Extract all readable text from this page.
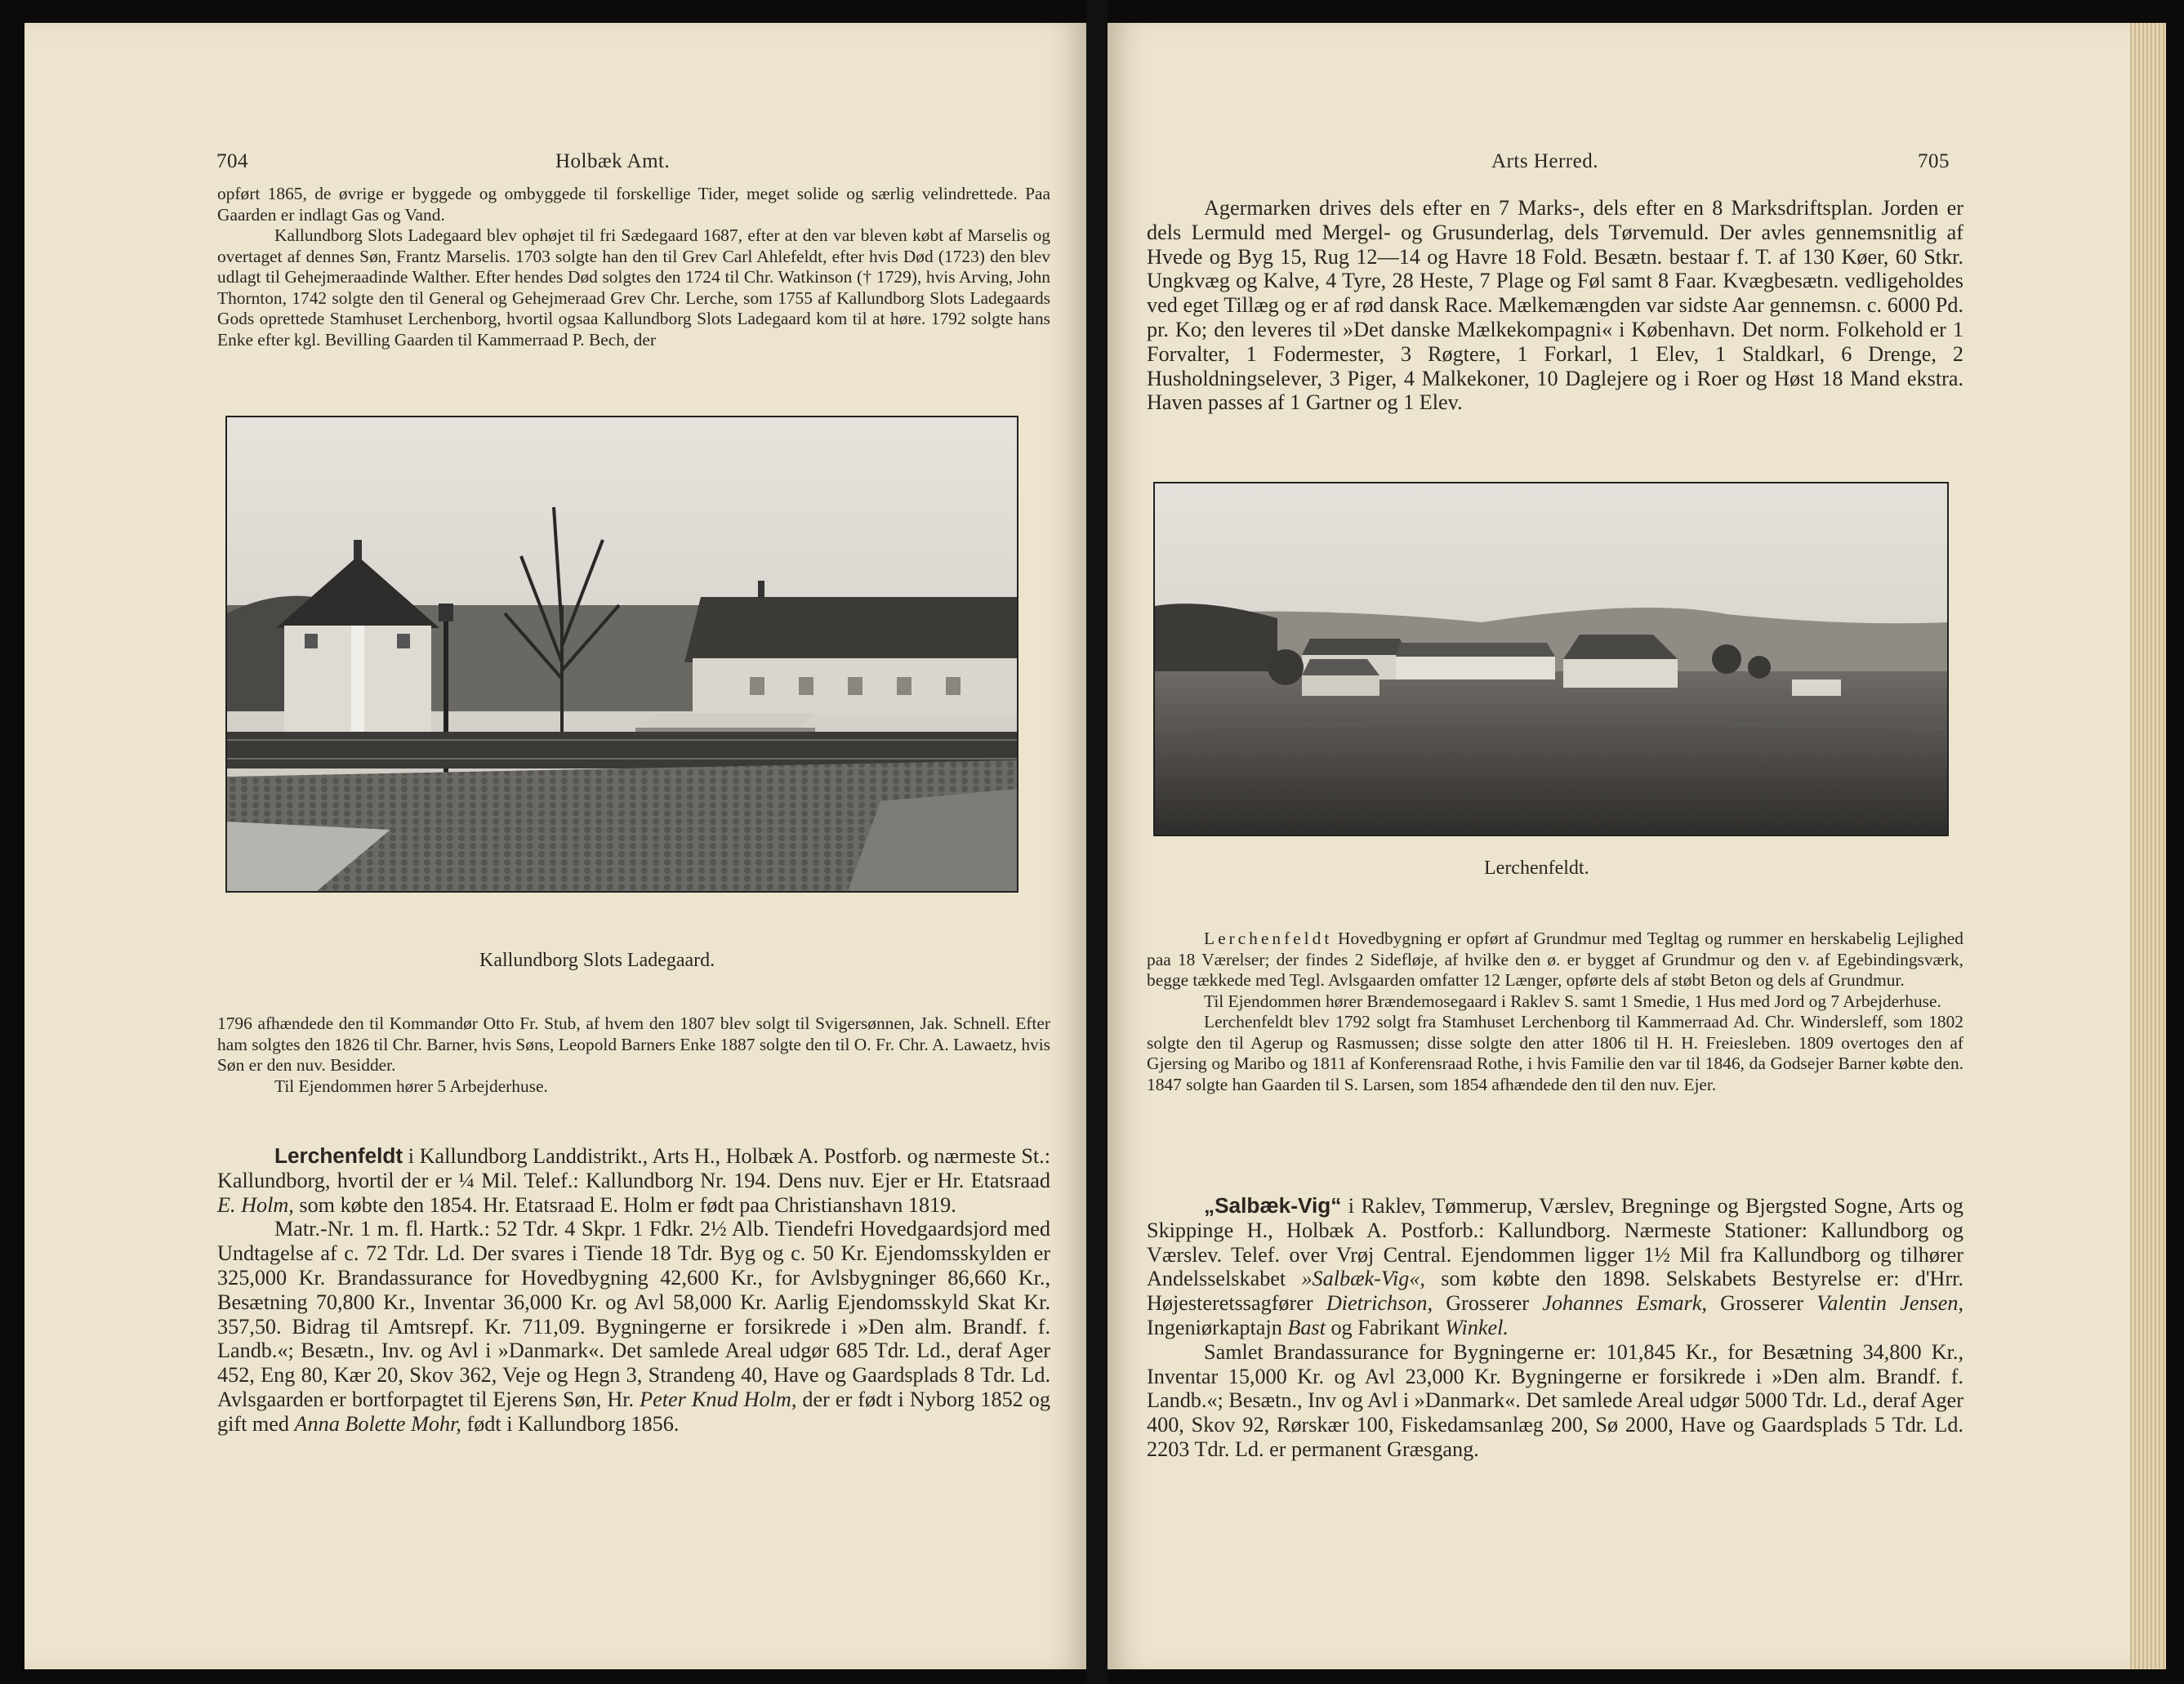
704	Holbæk Amt.

opført 1865, de øvrige er byggede og ombyggede til forskellige Tider, meget solide og særlig velindrettede. Paa Gaarden er indlagt Gas og Vand.

Kallundborg Slots Ladegaard blev ophøjet til fri Sædegaard 1687, efter at den var bleven købt af Marselis og overtaget af dennes Søn, Frantz Marselis. 1703 solgte han den til Grev Carl Ahlefeldt, efter hvis Død (1723) den blev udlagt til Gehejmeraadinde Walther. Efter hendes Død solgtes den 1724 til Chr. Watkinson († 1729), hvis Arving, John Thornton, 1742 solgte den til General og Gehejmeraad Grev Chr. Lerche, som 1755 af Kallundborg Slots Ladegaards Gods oprettede Stamhuset Lerchenborg, hvortil ogsaa Kallundborg Slots Ladegaard kom til at høre. 1792 solgte hans Enke efter kgl. Bevilling Gaarden til Kammerraad P. Bech, der

Kallundborg Slots Ladegaard.

1796 afhændede den til Kommandør Otto Fr. Stub, af hvem den 1807 blev solgt til Svigersønnen, Jak. Schnell. Efter ham solgtes den 1826 til Chr. Barner, hvis Søns, Leopold Barners Enke 1887 solgte den til O. Fr. Chr. A. Lawaetz, hvis Søn er den nuv. Besidder.

Til Ejendommen hører 5 Arbejderhuse.

Lerchenfeldt i Kallundborg Landdistrikt., Arts H., Holbæk A. Postforb. og nærmeste St.: Kallundborg, hvortil der er ¼ Mil. Telef.: Kallundborg Nr. 194. Dens nuv. Ejer er Hr. Etatsraad E. Holm, som købte den 1854. Hr. Etatsraad E. Holm er født paa Christianshavn 1819.

Matr.-Nr. 1 m. fl. Hartk.: 52 Tdr. 4 Skpr. 1 Fdkr. 2½ Alb. Tiendefri Hovedgaardsjord med Undtagelse af c. 72 Tdr. Ld. Der svares i Tiende 18 Tdr. Byg og c. 50 Kr. Ejendomsskylden er 325,000 Kr. Brandassurance for Hovedbygning 42,600 Kr., for Avlsbygninger 86,660 Kr., Besætning 70,800 Kr., Inventar 36,000 Kr. og Avl 58,000 Kr. Aarlig Ejendomsskyld Skat Kr. 357,50. Bidrag til Amtsrepf. Kr. 711,09. Bygningerne er forsikrede i »Den alm. Brandf. f. Landb.«; Besætn., Inv. og Avl i »Danmark«. Det samlede Areal udgør 685 Tdr. Ld., deraf Ager 452, Eng 80, Kær 20, Skov 362, Veje og Hegn 3, Strandeng 40, Have og Gaardsplads 8 Tdr. Ld. Avlsgaarden er bortforpagtet til Ejerens Søn, Hr. Peter Knud Holm, der er født i Nyborg 1852 og gift med Anna Bolette Mohr, født i Kallundborg 1856.

Arts Herred.	705

Agermarken drives dels efter en 7 Marks-, dels efter en 8 Marksdriftsplan. Jorden er dels Lermuld med Mergel- og Grusunderlag, dels Tørvemuld. Der avles gennemsnitlig af Hvede og Byg 15, Rug 12—14 og Havre 18 Fold. Besætn. bestaar f. T. af 130 Køer, 60 Stkr. Ungkvæg og Kalve, 4 Tyre, 28 Heste, 7 Plage og Føl samt 8 Faar. Kvægbesætn. vedligeholdes ved eget Tillæg og er af rød dansk Race. Mælkemængden var sidste Aar gennemsn. c. 6000 Pd. pr. Ko; den leveres til »Det danske Mælkekompagni« i København. Det norm. Folkehold er 1 Forvalter, 1 Fodermester, 3 Røgtere, 1 Forkarl, 1 Elev, 1 Staldkarl, 6 Drenge, 2 Husholdningselever, 3 Piger, 4 Malkekoner, 10 Daglejere og i Roer og Høst 18 Mand ekstra. Haven passes af 1 Gartner og 1 Elev.

Lerchenfeldt.

Lerchenfeldt Hovedbygning er opført af Grundmur med Tegltag og rummer en herskabelig Lejlighed paa 18 Værelser; der findes 2 Sidefløje, af hvilke den ø. er bygget af Grundmur og den v. af Egebindingsværk, begge tækkede med Tegl. Avlsgaarden omfatter 12 Længer, opførte dels af støbt Beton og dels af Grundmur.

Til Ejendommen hører Brændemosegaard i Raklev S. samt 1 Smedie, 1 Hus med Jord og 7 Arbejderhuse.

Lerchenfeldt blev 1792 solgt fra Stamhuset Lerchenborg til Kammerraad Ad. Chr. Windersleff, som 1802 solgte den til Agerup og Rasmussen; disse solgte den atter 1806 til H. H. Freiesleben. 1809 overtoges den af Gjersing og Maribo og 1811 af Konferensraad Rothe, i hvis Familie den var til 1846, da Godsejer Barner købte den. 1847 solgte han Gaarden til S. Larsen, som 1854 afhændede den til den nuv. Ejer.

„Salbæk-Vig“ i Raklev, Tømmerup, Værslev, Bregninge og Bjergsted Sogne, Arts og Skippinge H., Holbæk A. Postforb.: Kallundborg. Nærmeste Stationer: Kallundborg og Værslev. Telef. over Vrøj Central. Ejendommen ligger 1½ Mil fra Kallundborg og tilhører Andelsselskabet »Salbæk-Vig«, som købte den 1898. Selskabets Bestyrelse er: d'Hrr. Højesteretssagfører Dietrichson, Grosserer Johannes Esmark, Grosserer Valentin Jensen, Ingeniørkaptajn Bast og Fabrikant Winkel.

Samlet Brandassurance for Bygningerne er: 101,845 Kr., for Besætning 34,800 Kr., Inventar 15,000 Kr. og Avl 23,000 Kr. Bygningerne er forsikrede i »Den alm. Brandf. f. Landb.«; Besætn., Inv og Avl i »Danmark«. Det samlede Areal udgør 5000 Tdr. Ld., deraf Ager 400, Skov 92, Rørskær 100, Fiskedamsanlæg 200, Sø 2000, Have og Gaardsplads 5 Tdr. Ld. 2203 Tdr. Ld. er permanent Græsgang.
